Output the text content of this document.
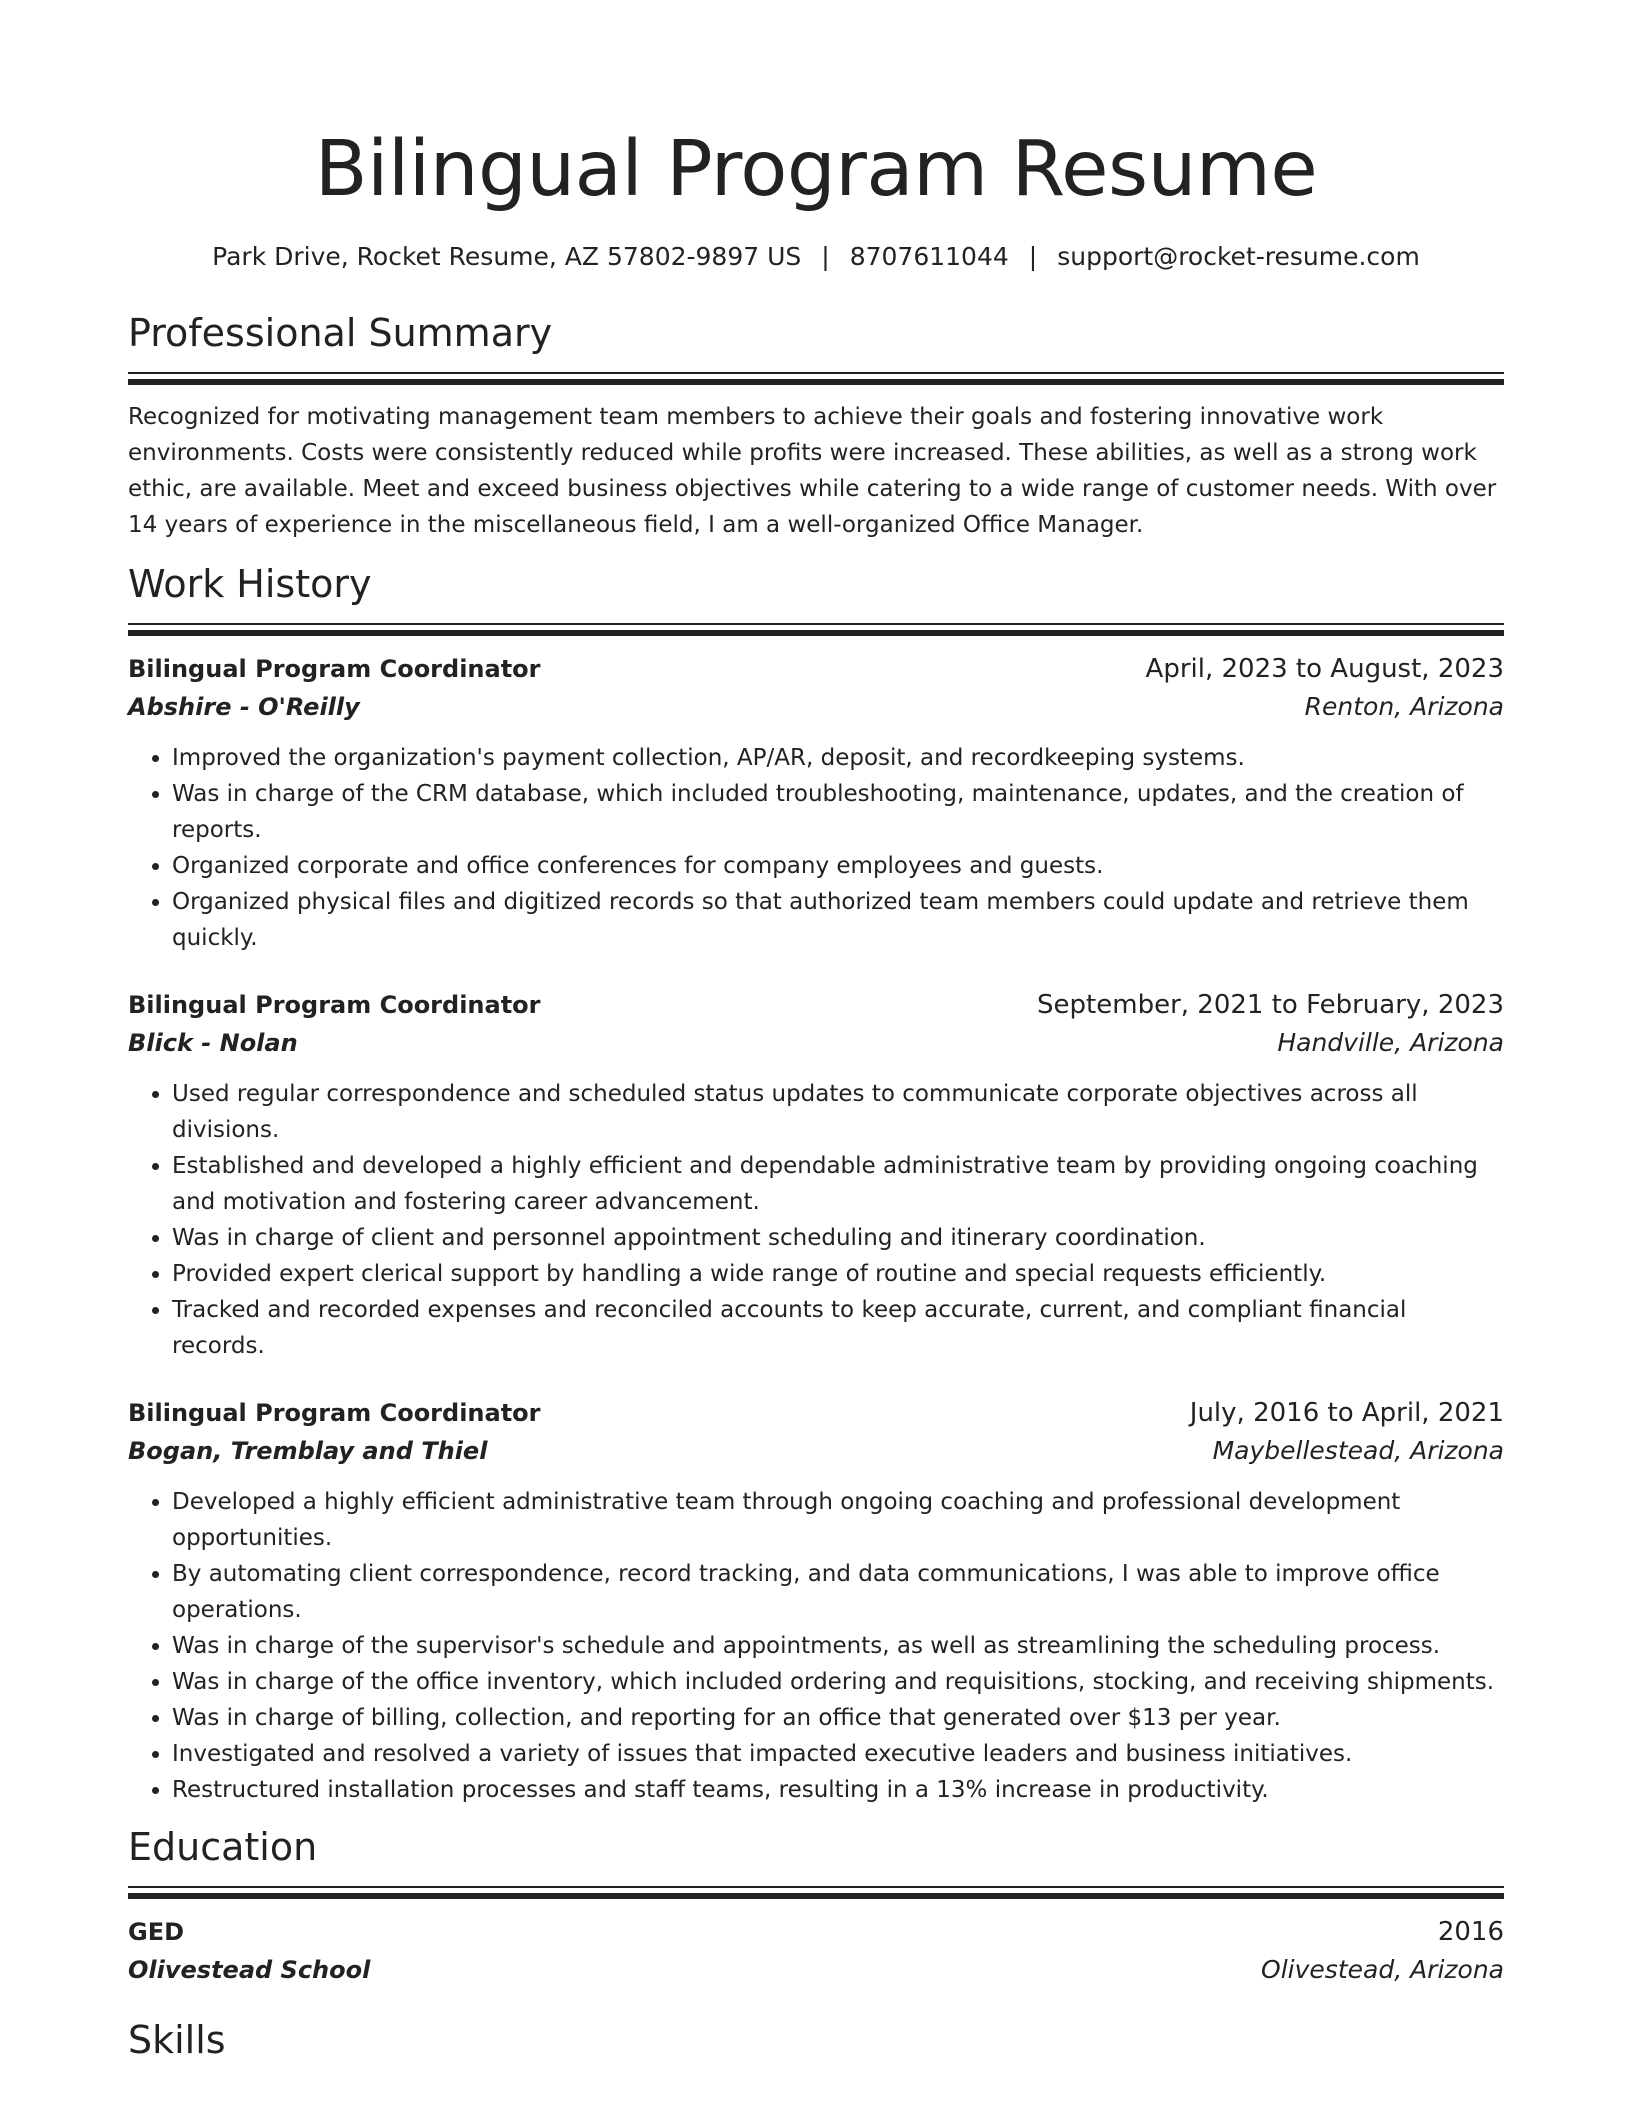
Bilingual Program Resume
Park Drive, Rocket Resume, AZ 57802-9897 US | 8707611044 | support@rocket-resume.com
Professional Summary

Recognized for motivating management team members to achieve their goals and fostering innovative work environments. Costs were consistently reduced while profits were increased. These abilities, as well as a strong work ethic, are available. Meet and exceed business objectives while catering to a wide range of customer needs. With over 14 years of experience in the miscellaneous field, I am a well-organized Office Manager.

Work History
Bilingual Program Coordinator	April, 2023 to August, 2023
Abshire - O'Reilly	Renton, Arizona
• Improved the organization's payment collection, AP/AR, deposit, and recordkeeping systems.
• Was in charge of the CRM database, which included troubleshooting, maintenance, updates, and the creation of reports.
• Organized corporate and office conferences for company employees and guests.
• Organized physical files and digitized records so that authorized team members could update and retrieve them quickly.
Bilingual Program Coordinator	September, 2021 to February, 2023
Blick - Nolan	Handville, Arizona
• Used regular correspondence and scheduled status updates to communicate corporate objectives across all divisions.
• Established and developed a highly efficient and dependable administrative team by providing ongoing coaching and motivation and fostering career advancement.
• Was in charge of client and personnel appointment scheduling and itinerary coordination.
• Provided expert clerical support by handling a wide range of routine and special requests efficiently.
• Tracked and recorded expenses and reconciled accounts to keep accurate, current, and compliant financial records.
Bilingual Program Coordinator	July, 2016 to April, 2021
Bogan, Tremblay and Thiel	Maybellestead, Arizona
• Developed a highly efficient administrative team through ongoing coaching and professional development opportunities.
• By automating client correspondence, record tracking, and data communications, I was able to improve office operations.
• Was in charge of the supervisor's schedule and appointments, as well as streamlining the scheduling process.
• Was in charge of the office inventory, which included ordering and requisitions, stocking, and receiving shipments.
• Was in charge of billing, collection, and reporting for an office that generated over $13 per year.
• Investigated and resolved a variety of issues that impacted executive leaders and business initiatives.
• Restructured installation processes and staff teams, resulting in a 13% increase in productivity.
Education
GED	2016
Olivestead School	Olivestead, Arizona
Skills
